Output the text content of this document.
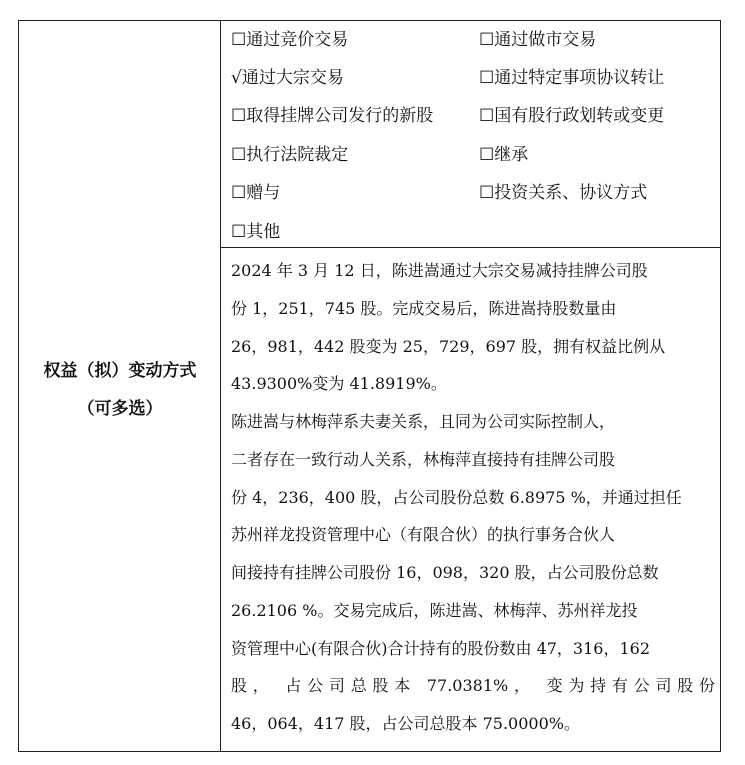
权益（拟）变动方式
（可多选）
☐通过竞价交易	☐通过做市交易
√通过大宗交易	☐通过特定事项协议转让
☐取得挂牌公司发行的新股	☐国有股行政划转或变更
☐执行法院裁定	☐继承
☐赠与	☐投资关系、协议方式
☐其他
2024 年 3 月 12 日，陈进嵩通过大宗交易减持挂牌公司股
份 1，251，745 股。完成交易后，陈进嵩持股数量由
26，981，442 股变为 25，729，697 股，拥有权益比例从
43.9300%变为 41.8919%。
陈进嵩与林梅萍系夫妻关系，且同为公司实际控制人，
二者存在一致行动人关系，林梅萍直接持有挂牌公司股
份 4，236，400 股，占公司股份总数 6.8975 %，并通过担任
苏州祥龙投资管理中心（有限合伙）的执行事务合伙人
间接持有挂牌公司股份 16，098，320 股，占公司股份总数
26.2106 %。交易完成后，陈进嵩、林梅萍、苏州祥龙投
资管理中心(有限合伙)合计持有的股份数由 47，316，162
股， 占公司总股本 77.0381%， 变为持有公司股份
46，064，417 股，占公司总股本 75.0000%。
